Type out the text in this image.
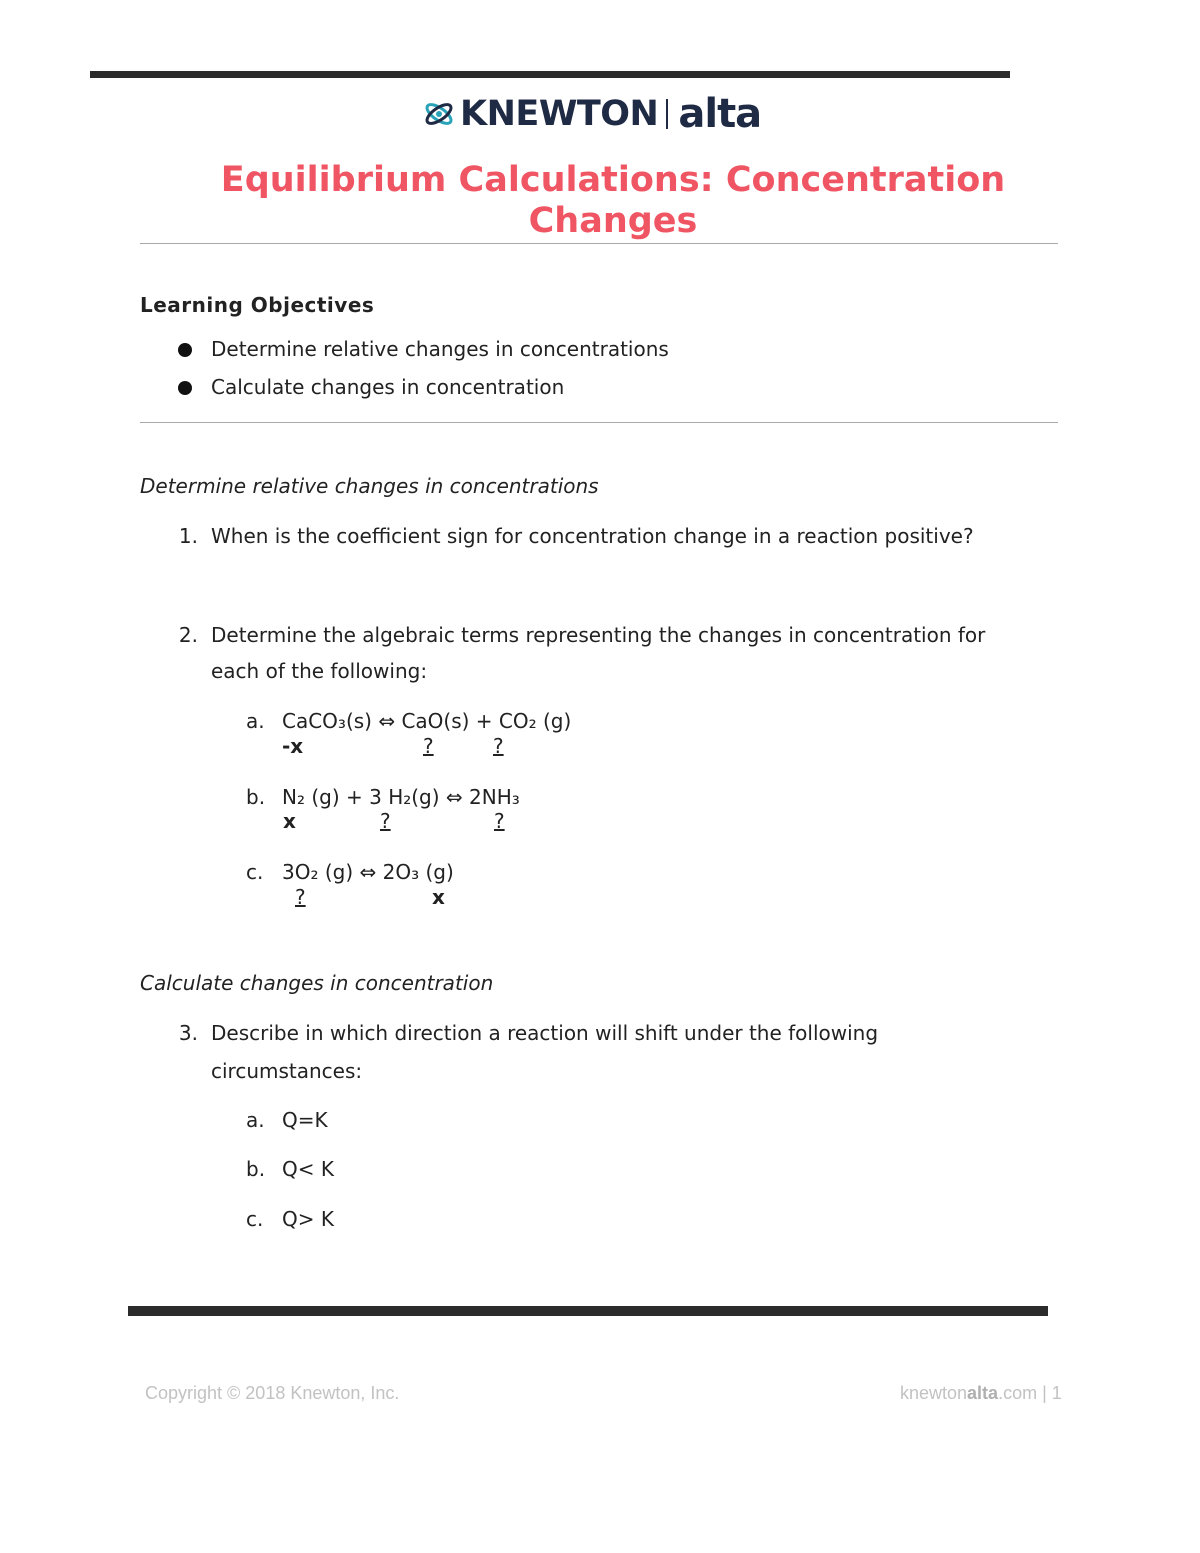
KNEWTON alta
Equilibrium Calculations: Concentration
Changes
Learning Objectives
Determine relative changes in concentrations
Calculate changes in concentration
Determine relative changes in concentrations
1. When is the coefficient sign for concentration change in a reaction positive?
2. Determine the algebraic terms representing the changes in concentration for
each of the following:
a. CaCO₃(s) ⇔ CaO(s) + CO₂ (g)
-x	?	?
b. N₂ (g) + 3 H₂(g) ⇔ 2NH₃
x	?	?
c. 3O₂ (g) ⇔ 2O₃ (g)
?	x
Calculate changes in concentration
3. Describe in which direction a reaction will shift under the following
circumstances:
a. Q=K
b. Q< K
c. Q> K
Copyright © 2018 Knewton, Inc.	knewtonalta.com | 1
